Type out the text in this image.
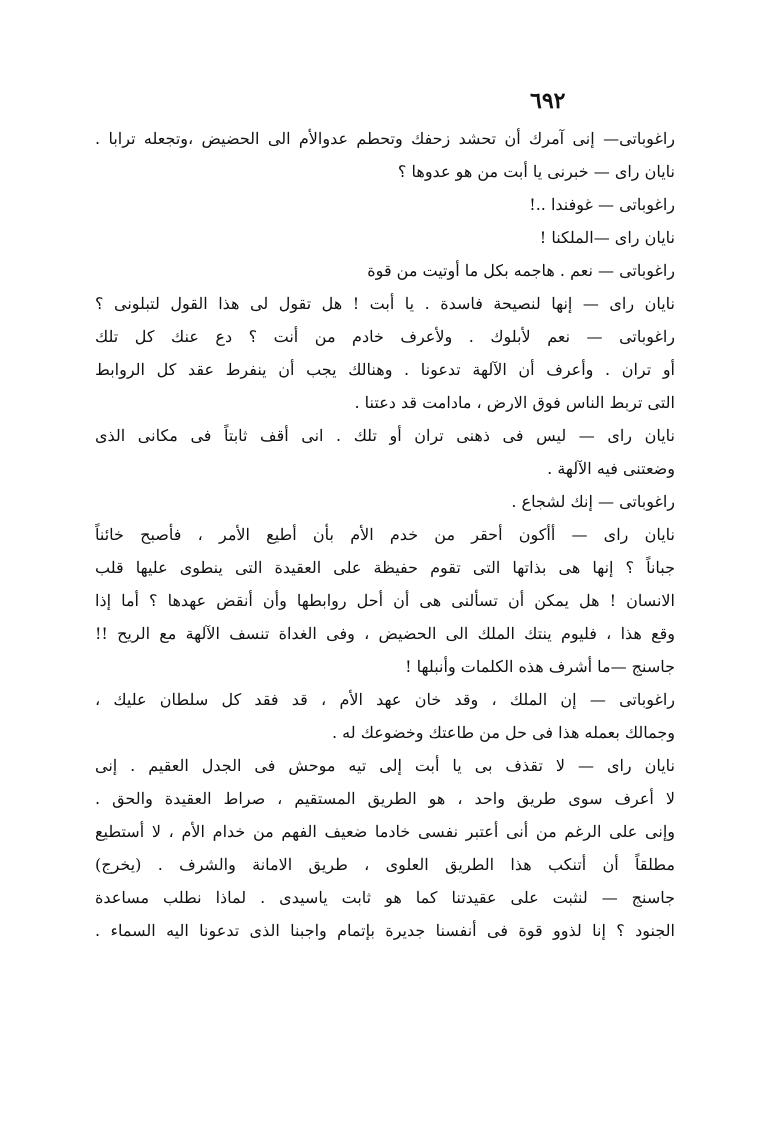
٦٩٢
راغوباتى— إنى آمرك أن تحشد زحفك وتحطم عدوالأم الى الحضيض ،وتجعله ترابا .
نايان راى — خبرنى يا أبت من هو عدوها ؟
راغوباتى — غوفندا ..!
نايان راى —الملكنا !
راغوباتى — نعم . هاجمه بكل ما أوتيت من قوة
نايان راى — إنها لنصيحة فاسدة . يا أبت ! هل تقول لى هذا القول لتبلونى ؟
راغوباتى — نعم لأبلوك . ولأعرف خادم من أنت ؟ دع عنك كل تلك
أو تران . وأعرف أن الآلهة تدعونا . وهنالك يجب أن ينفرط عقد كل الروابط
التى تربط الناس فوق الارض ، مادامت قد دعتنا .
نايان راى — ليس فى ذهنى تران أو تلك . انى أقف ثابتاً فى مكانى الذى
وضعتنى فيه الآلهة .
راغوباتى — إنك لشجاع .
نايان راى — أأكون أحقر من خدم الأم بأن أطيع الأمر ، فأصبح خائناً
جباناً ؟ إنها هى بذاتها التى تقوم حفيظة على العقيدة التى ينطوى عليها قلب
الانسان ! هل يمكن أن تسألنى هى أن أحل روابطها وأن أنقض عهدها ؟ أما إذا
وقع هذا ، فليوم ينتك الملك الى الحضيض ، وفى الغداة تنسف الآلهة مع الريح !!
جاسنج —ما أشرف هذه الكلمات وأنبلها !
راغوباتى — إن الملك ، وقد خان عهد الأم ، قد فقد كل سلطان عليك ،
وجمالك بعمله هذا فى حل من طاعتك وخضوعك له .
نايان راى — لا تقذف بى يا أبت إلى تيه موحش فى الجدل العقيم . إنى
لا أعرف سوى طريق واحد ، هو الطريق المستقيم ، صراط العقيدة والحق .
وإنى على الرغم من أنى أعتبر نفسى خادما ضعيف الفهم من خدام الأم ، لا أستطيع
مطلقاً أن أتنكب هذا الطريق العلوى ، طريق الامانة والشرف . (يخرج)
جاسنج — لنثبت على عقيدتنا كما هو ثابت ياسيدى . لماذا نطلب مساعدة
الجنود ؟ إنا لذوو قوة فى أنفسنا جديرة بإتمام واجبنا الذى تدعونا اليه السماء .
